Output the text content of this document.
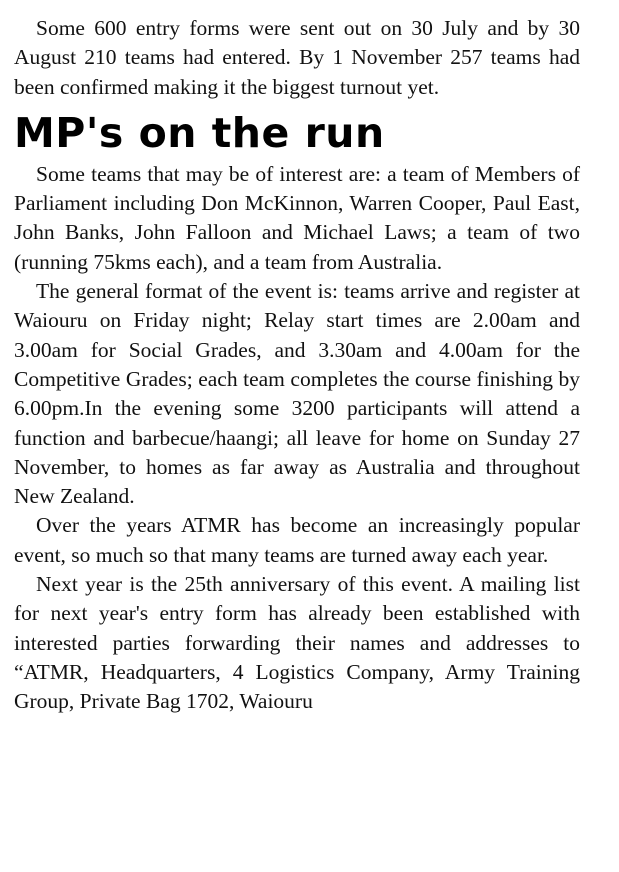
Some 600 entry forms were sent out on 30 July and by 30 August 210 teams had entered. By 1 November 257 teams had been confirmed making it the biggest turnout yet.

MP's on the run

Some teams that may be of interest are: a team of Members of Parliament including Don McKinnon, Warren Cooper, Paul East, John Banks, John Falloon and Michael Laws; a team of two (running 75kms each), and a team from Australia.

The general format of the event is: teams arrive and register at Waiouru on Friday night; Relay start times are 2.00am and 3.00am for Social Grades, and 3.30am and 4.00am for the Competitive Grades; each team completes the course finishing by 6.00pm.In the evening some 3200 participants will attend a function and barbecue/haangi; all leave for home on Sunday 27 November, to homes as far away as Australia and throughout New Zealand.

Over the years ATMR has become an increasingly popular event, so much so that many teams are turned away each year.

Next year is the 25th anniversary of this event. A mailing list for next year's entry form has already been established with interested parties forwarding their names and addresses to “ATMR, Headquarters, 4 Logistics Company, Army Training Group, Private Bag 1702, Waiouru
